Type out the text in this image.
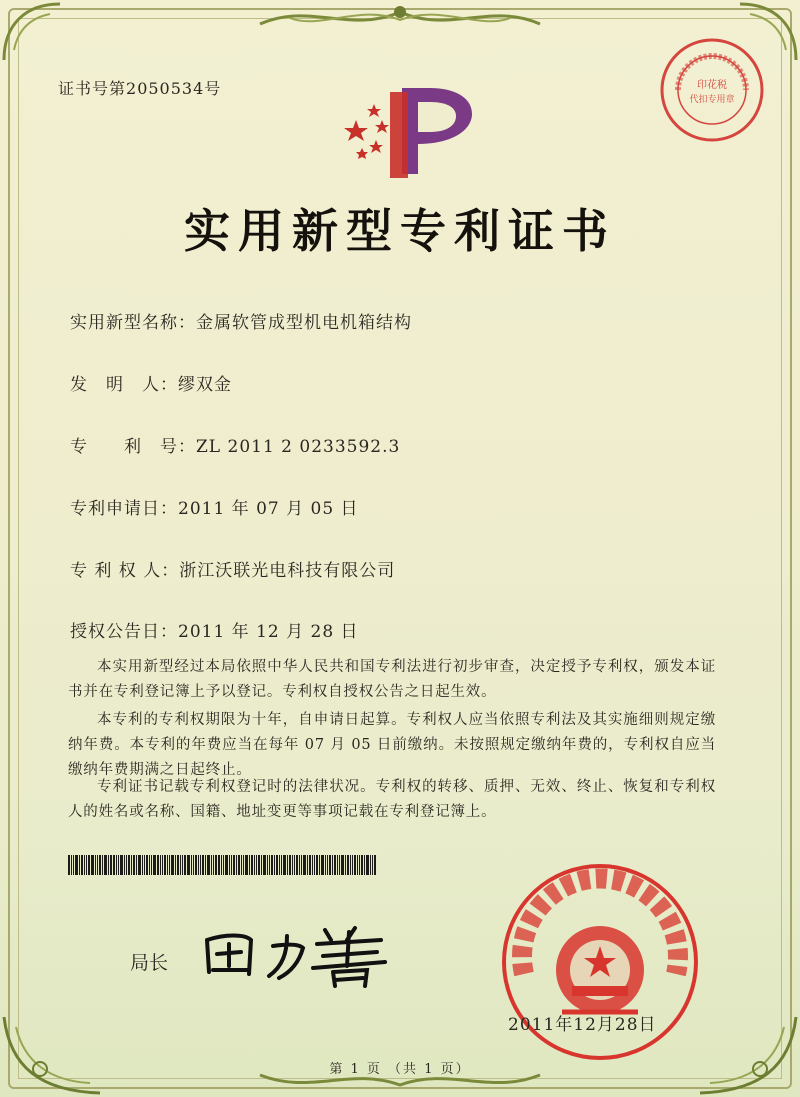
证书号第2050534号
实用新型专利证书
实用新型名称：金属软管成型机电机箱结构
发　明　人：缪双金
专　　利　号：ZL 2011 2 0233592.3
专利申请日：2011 年 07 月 05 日
专 利 权 人：浙江沃联光电科技有限公司
授权公告日：2011 年 12 月 28 日
本实用新型经过本局依照中华人民共和国专利法进行初步审查，决定授予专利权，颁发本证书并在专利登记簿上予以登记。专利权自授权公告之日起生效。
本专利的专利权期限为十年，自申请日起算。专利权人应当依照专利法及其实施细则规定缴纳年费。本专利的年费应当在每年 07 月 05 日前缴纳。未按照规定缴纳年费的，专利权自应当缴纳年费期满之日起终止。
专利证书记载专利权登记时的法律状况。专利权的转移、质押、无效、终止、恢复和专利权人的姓名或名称、国籍、地址变更等事项记载在专利登记簿上。
局长
印花税
代扣专用章
2011年12月28日
第 1 页 （共 1 页）
